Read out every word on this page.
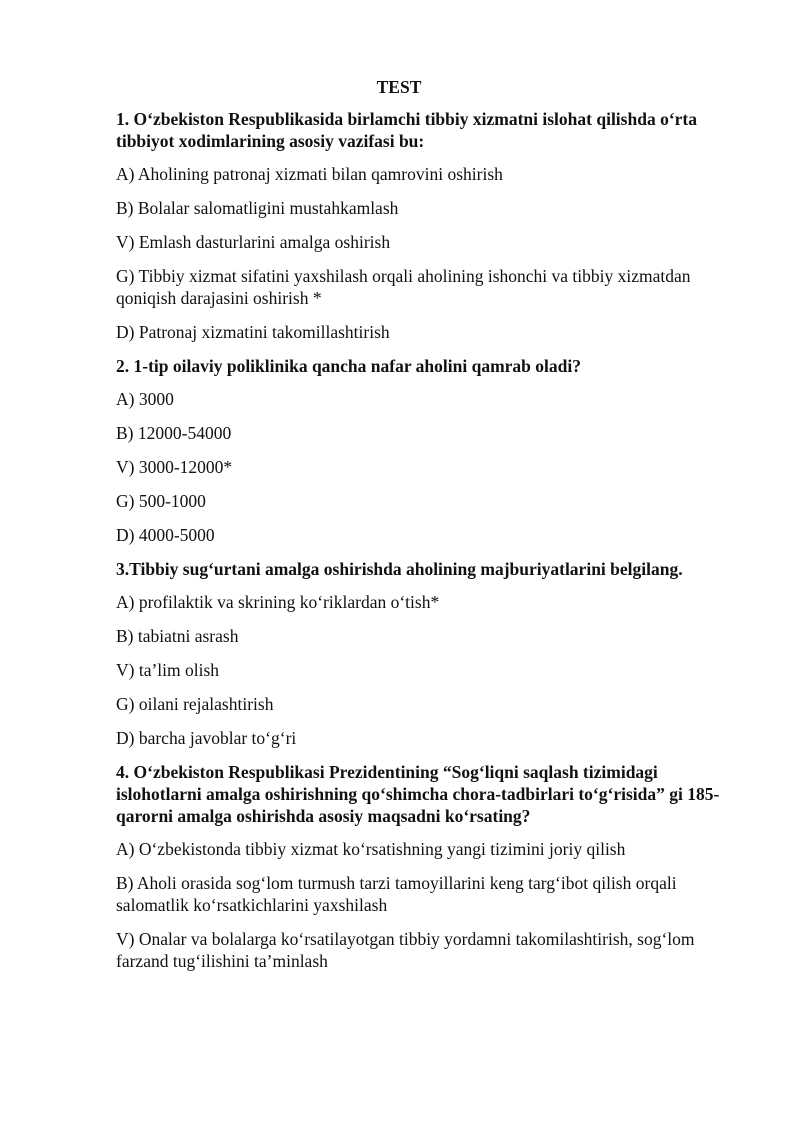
TEST
1. O‘zbekiston Respublikasida birlamchi tibbiy xizmatni islohat qilishda o‘rta tibbiyot xodimlarining asosiy vazifasi bu:
A) Aholining patronaj xizmati bilan qamrovini oshirish
B) Bolalar salomatligini mustahkamlash
V) Emlash dasturlarini amalga oshirish
G) Tibbiy xizmat sifatini yaxshilash orqali aholining ishonchi va tibbiy xizmatdan qoniqish darajasini oshirish *
D) Patronaj xizmatini takomillashtirish
2. 1-tip oilaviy poliklinika qancha nafar aholini qamrab oladi?
A) 3000
B) 12000-54000
V) 3000-12000*
G) 500-1000
D) 4000-5000
3.Tibbiy sug‘urtani amalga oshirishda aholining majburiyatlarini belgilang.
A) profilaktik va skrining ko‘riklardan o‘tish*
B) tabiatni asrash
V) ta’lim olish
G) oilani rejalashtirish
D) barcha javoblar to‘g‘ri
4. O‘zbekiston Respublikasi Prezidentining “Sog‘liqni saqlash tizimidagi islohotlarni amalga oshirishning qo‘shimcha chora-tadbirlari to‘g‘risida” gi 185-qarorni amalga oshirishda asosiy maqsadni ko‘rsating?
A) O‘zbekistonda tibbiy xizmat ko‘rsatishning yangi tizimini joriy qilish
B) Aholi orasida sog‘lom turmush tarzi tamoyillarini keng targ‘ibot qilish orqali salomatlik ko‘rsatkichlarini yaxshilash
V) Onalar va bolalarga ko‘rsatilayotgan tibbiy yordamni takomilashtirish, sog‘lom farzand tug‘ilishini ta’minlash
